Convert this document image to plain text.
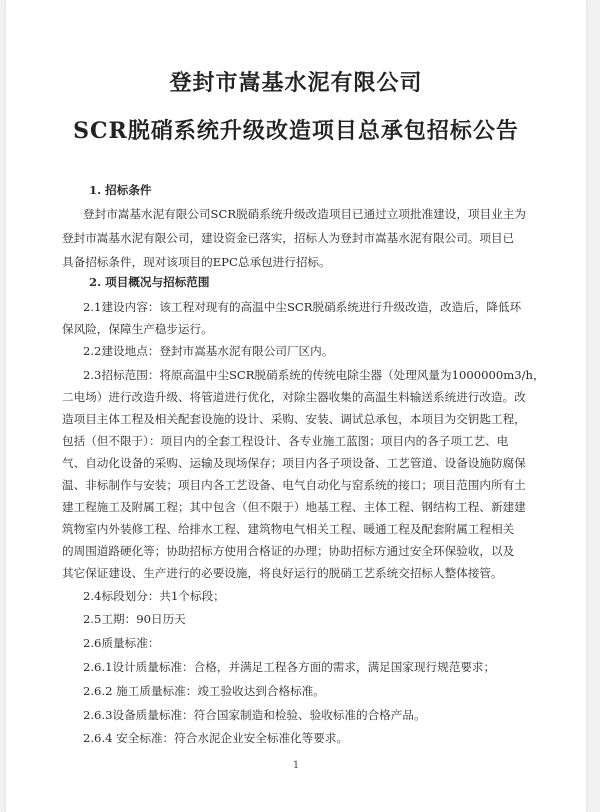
登封市嵩基水泥有限公司
SCR脱硝系统升级改造项目总承包招标公告
1. 招标条件
登封市嵩基水泥有限公司SCR脱硝系统升级改造项目已通过立项批准建设，项目业主为
登封市嵩基水泥有限公司，建设资金已落实，招标人为登封市嵩基水泥有限公司。项目已
具备招标条件，现对该项目的EPC总承包进行招标。
2. 项目概况与招标范围
2.1建设内容：该工程对现有的高温中尘SCR脱硝系统进行升级改造，改造后，降低环
保风险，保障生产稳步运行。
2.2建设地点：登封市嵩基水泥有限公司厂区内。
2.3招标范围：将原高温中尘SCR脱硝系统的传统电除尘器（处理风量为1000000m3/h，
二电场）进行改造升级、将管道进行优化，对除尘器收集的高温生料输送系统进行改造。改
造项目主体工程及相关配套设施的设计、采购、安装、调试总承包，本项目为交钥匙工程，
包括（但不限于）：项目内的全套工程设计、各专业施工蓝图；项目内的各子项工艺、电
气、自动化设备的采购、运输及现场保存；项目内各子项设备、工艺管道、设备设施防腐保
温、非标制作与安装；项目内各工艺设备、电气自动化与窑系统的接口；项目范围内所有土
建工程施工及附属工程；其中包含（但不限于）地基工程、主体工程、钢结构工程、新建建
筑物室内外装修工程、给排水工程、建筑物电气相关工程、暖通工程及配套附属工程相关
的周围道路硬化等；协助招标方使用合格证的办理；协助招标方通过安全环保验收，以及
其它保证建设、生产进行的必要设施，将良好运行的脱硝工艺系统交招标人整体接管。
2.4标段划分：共1个标段；
2.5工期：90日历天
2.6质量标准：
2.6.1设计质量标准：合格，并满足工程各方面的需求，满足国家现行规范要求；
2.6.2 施工质量标准：竣工验收达到合格标准。
2.6.3设备质量标准：符合国家制造和检验、验收标准的合格产品。
2.6.4 安全标准：符合水泥企业安全标准化等要求。
1
